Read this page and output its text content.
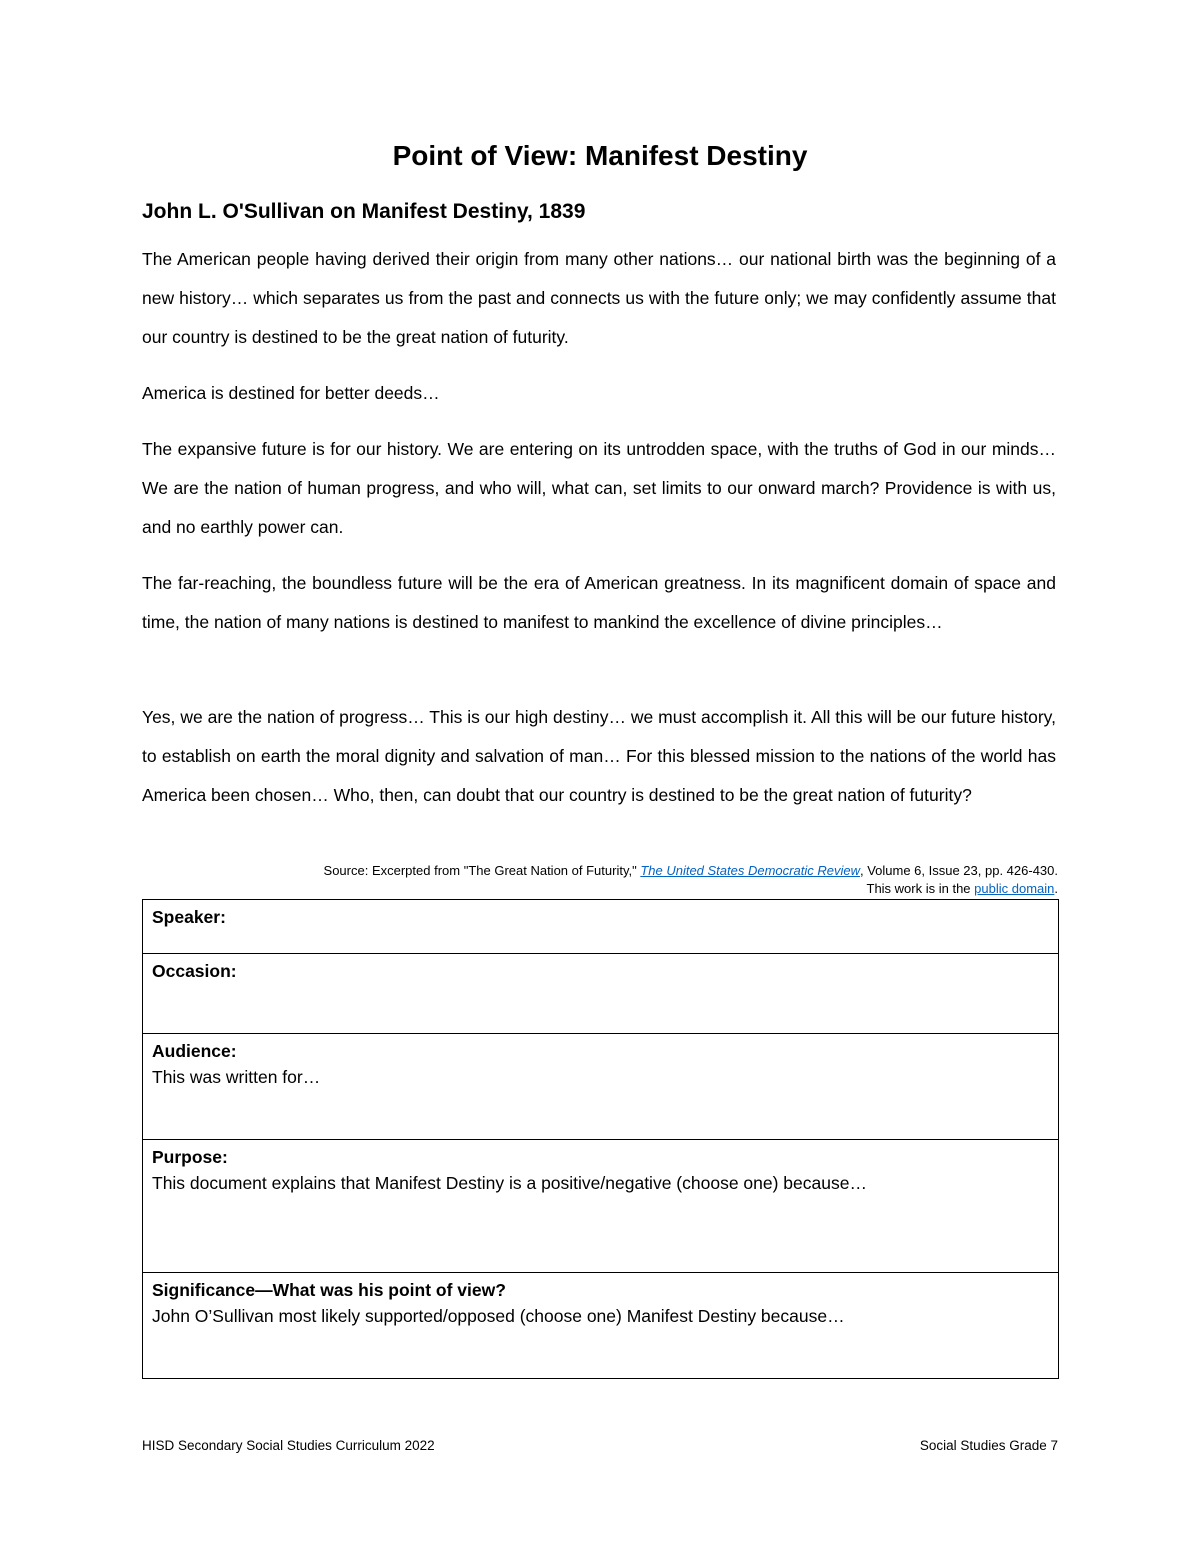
Point of View: Manifest Destiny
John L. O'Sullivan on Manifest Destiny, 1839
The American people having derived their origin from many other nations… our national birth was the beginning of a new history… which separates us from the past and connects us with the future only; we may confidently assume that our country is destined to be the great nation of futurity.
America is destined for better deeds…
The expansive future is for our history. We are entering on its untrodden space, with the truths of God in our minds… We are the nation of human progress, and who will, what can, set limits to our onward march? Providence is with us, and no earthly power can.
The far-reaching, the boundless future will be the era of American greatness. In its magnificent domain of space and time, the nation of many nations is destined to manifest to mankind the excellence of divine principles…
Yes, we are the nation of progress… This is our high destiny… we must accomplish it. All this will be our future history, to establish on earth the moral dignity and salvation of man… For this blessed mission to the nations of the world has America been chosen… Who, then, can doubt that our country is destined to be the great nation of futurity?
Source: Excerpted from "The Great Nation of Futurity," The United States Democratic Review, Volume 6, Issue 23, pp. 426-430.
This work is in the public domain.
Speaker:

Occasion:

Audience:
This was written for…

Purpose:
This document explains that Manifest Destiny is a positive/negative (choose one) because…

Significance—What was his point of view?
John O’Sullivan most likely supported/opposed (choose one) Manifest Destiny because…
HISD Secondary Social Studies Curriculum 2022	Social Studies Grade 7
